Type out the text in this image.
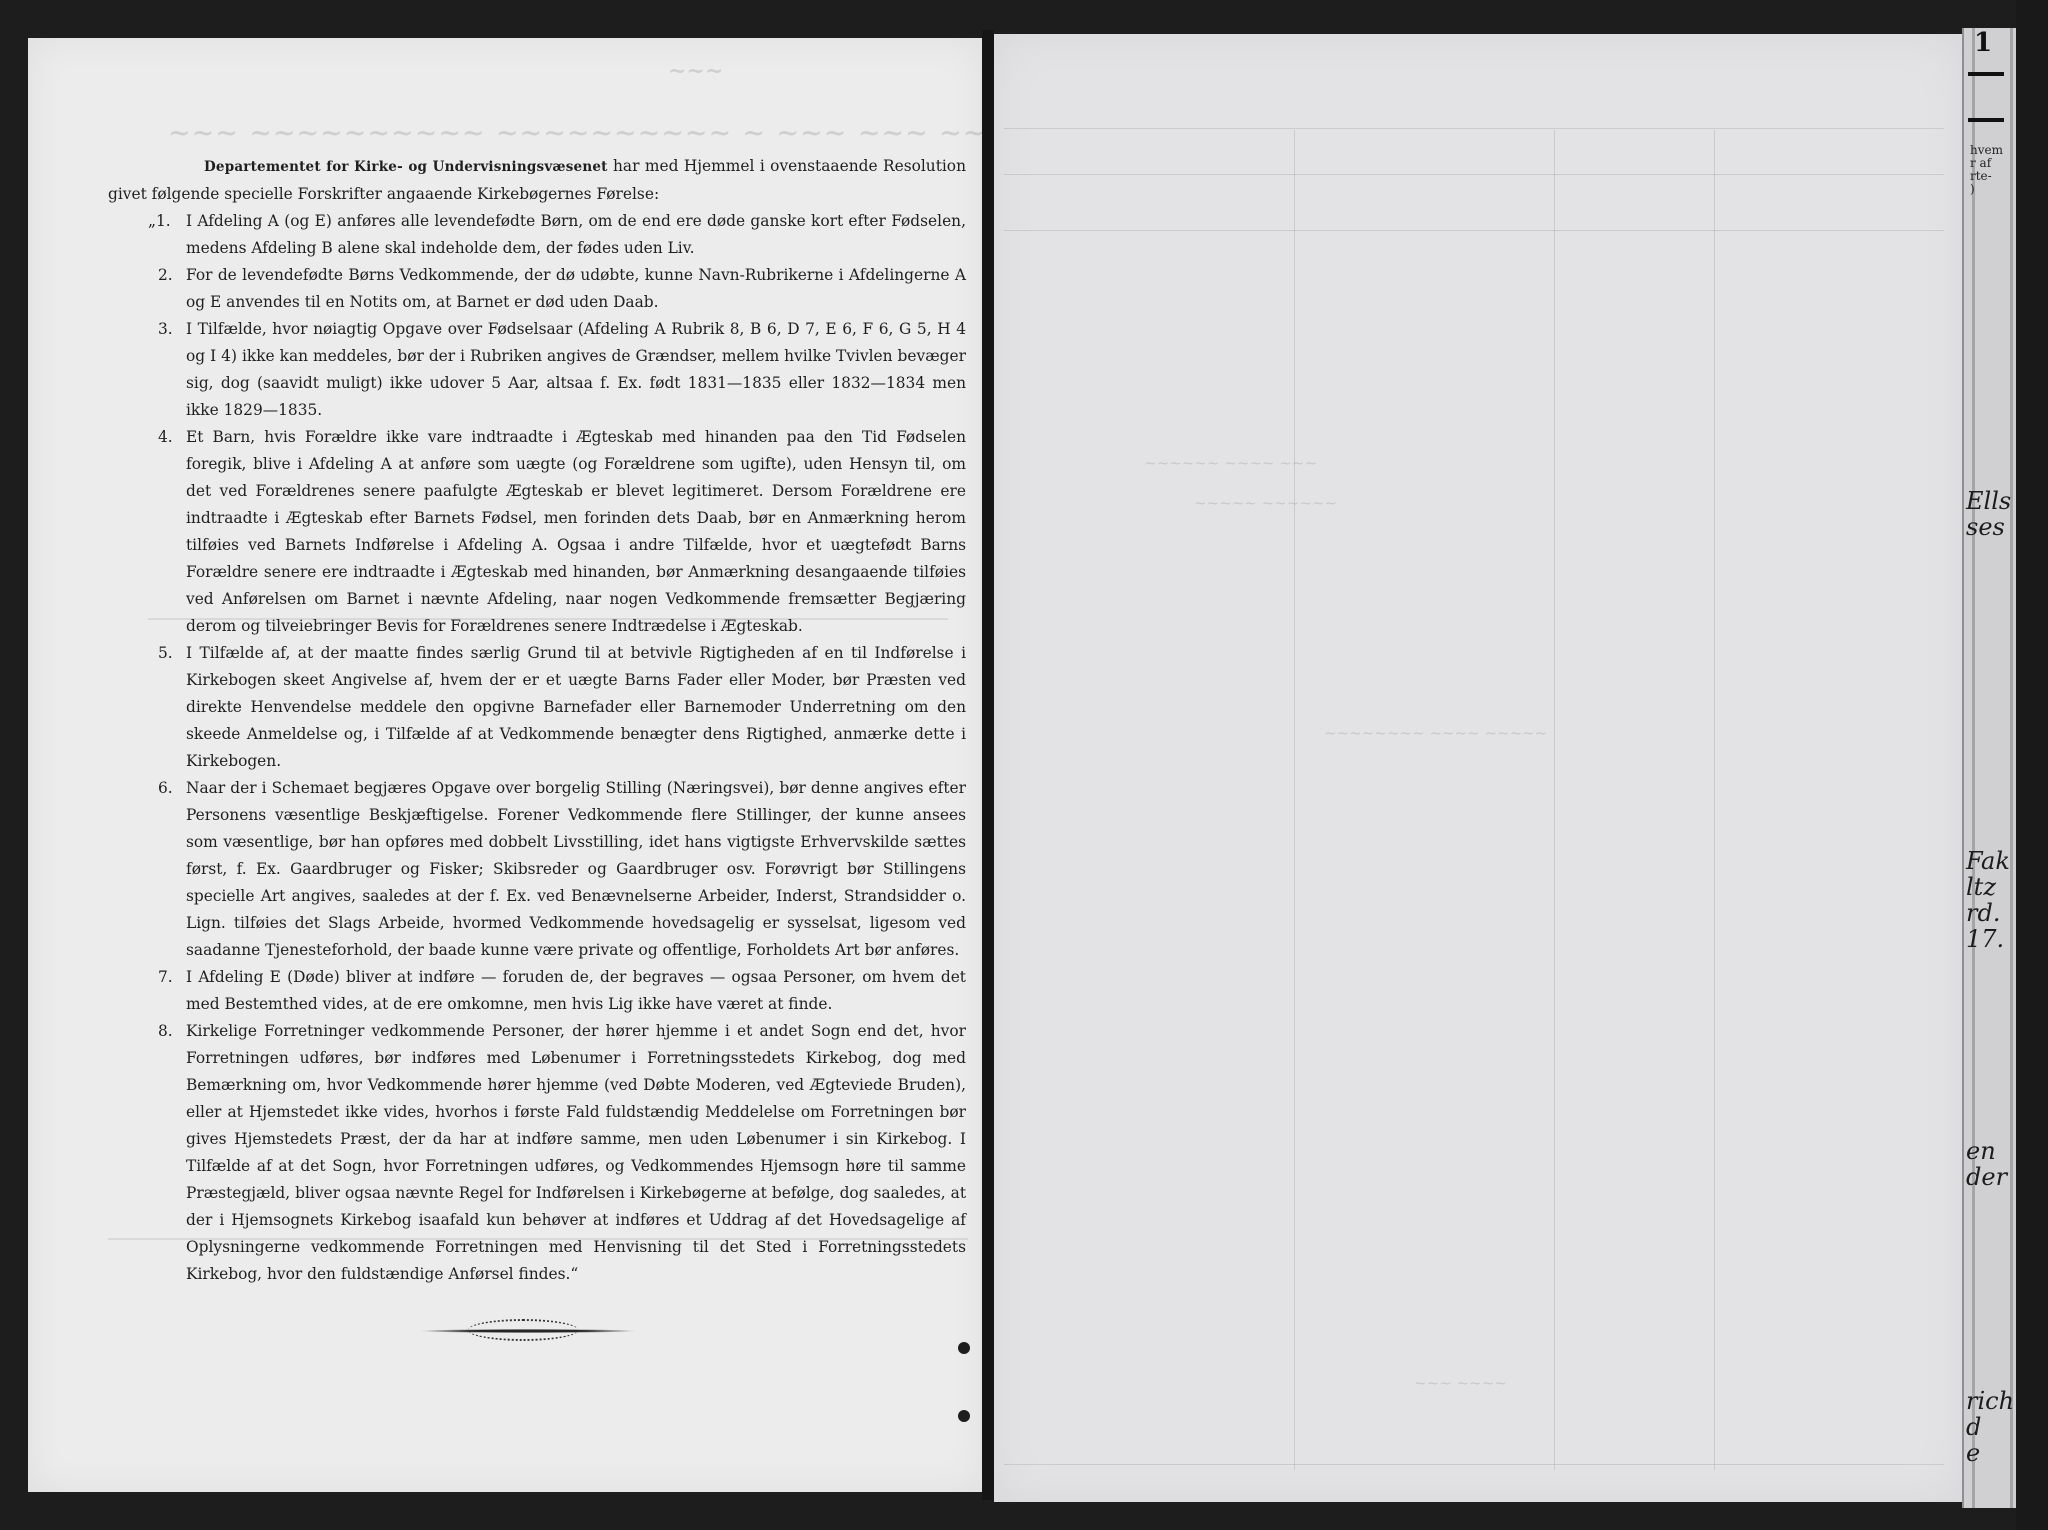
~~~
~~~ ~~~~~~~~~~ ~~~~~~~~~~ ~ ~~~ ~~~ ~~~~ ~~ ~~~ ~~~~~~~~ ~~~~~~~~

Departementet for Kirke- og Undervisningsvæsenet har med Hjemmel i ovenstaaende Resolution givet følgende specielle Forskrifter angaaende Kirkebøgernes Førelse:

„1. I Afdeling A (og E) anføres alle levendefødte Børn, om de end ere døde ganske kort efter Fødselen, medens Afdeling B alene skal indeholde dem, der fødes uden Liv.
2. For de levendefødte Børns Vedkommende, der dø udøbte, kunne Navn-Rubrikerne i Afdelingerne A og E anvendes til en Notits om, at Barnet er død uden Daab.
3. I Tilfælde, hvor nøiagtig Opgave over Fødselsaar (Afdeling A Rubrik 8, B 6, D 7, E 6, F 6, G 5, H 4 og I 4) ikke kan meddeles, bør der i Rubriken angives de Grændser, mellem hvilke Tvivlen bevæger sig, dog (saavidt muligt) ikke udover 5 Aar, altsaa f. Ex. født 1831—1835 eller 1832—1834 men ikke 1829—1835.
4. Et Barn, hvis Forældre ikke vare indtraadte i Ægteskab med hinanden paa den Tid Fødselen foregik, blive i Afdeling A at anføre som uægte (og Forældrene som ugifte), uden Hensyn til, om det ved Forældrenes senere paafulgte Ægteskab er blevet legitimeret. Dersom Forældrene ere indtraadte i Ægteskab efter Barnets Fødsel, men forinden dets Daab, bør en Anmærkning herom tilføies ved Barnets Indførelse i Afdeling A. Ogsaa i andre Tilfælde, hvor et uægtefødt Barns Forældre senere ere indtraadte i Ægteskab med hinanden, bør Anmærkning desangaaende tilføies ved Anførelsen om Barnet i nævnte Afdeling, naar nogen Vedkommende fremsætter Begjæring derom og tilveiebringer Bevis for Forældrenes senere Indtrædelse i Ægteskab.
5. I Tilfælde af, at der maatte findes særlig Grund til at betvivle Rigtigheden af en til Indførelse i Kirkebogen skeet Angivelse af, hvem der er et uægte Barns Fader eller Moder, bør Præsten ved direkte Henvendelse meddele den opgivne Barnefader eller Barnemoder Underretning om den skeede Anmeldelse og, i Tilfælde af at Vedkommende benægter dens Rigtighed, anmærke dette i Kirkebogen.
6. Naar der i Schemaet begjæres Opgave over borgelig Stilling (Næringsvei), bør denne angives efter Personens væsentlige Beskjæftigelse. Forener Vedkommende flere Stillinger, der kunne ansees som væsentlige, bør han opføres med dobbelt Livsstilling, idet hans vigtigste Erhvervskilde sættes først, f. Ex. Gaardbruger og Fisker; Skibsreder og Gaardbruger osv. Forøvrigt bør Stillingens specielle Art angives, saaledes at der f. Ex. ved Benævnelserne Arbeider, Inderst, Strandsidder o. Lign. tilføies det Slags Arbeide, hvormed Vedkommende hovedsagelig er sysselsat, ligesom ved saadanne Tjenesteforhold, der baade kunne være private og offentlige, Forholdets Art bør anføres.
7. I Afdeling E (Døde) bliver at indføre — foruden de, der begraves — ogsaa Personer, om hvem det med Bestemthed vides, at de ere omkomne, men hvis Lig ikke have været at finde.
8. Kirkelige Forretninger vedkommende Personer, der hører hjemme i et andet Sogn end det, hvor Forretningen udføres, bør indføres med Løbenumer i Forretningsstedets Kirkebog, dog med Bemærkning om, hvor Vedkommende hører hjemme (ved Døbte Moderen, ved Ægteviede Bruden), eller at Hjemstedet ikke vides, hvorhos i første Fald fuldstændig Meddelelse om Forretningen bør gives Hjemstedets Præst, der da har at indføre samme, men uden Løbenumer i sin Kirkebog. I Tilfælde af at det Sogn, hvor Forretningen udføres, og Vedkommendes Hjemsogn høre til samme Præstegjæld, bliver ogsaa nævnte Regel for Indførelsen i Kirkebøgerne at befølge, dog saaledes, at der i Hjemsognets Kirkebog isaafald kun behøver at indføres et Uddrag af det Hovedsagelige af Oplysningerne vedkommende Forretningen med Henvisning til det Sted i Forretningsstedets Kirkebog, hvor den fuldstændige Anførsel findes.“
~~~~~~ ~~~~ ~~~
~~~~~ ~~~~~~
~~~~~~~~ ~~~~ ~~~~~
~~~ ~~~~
1
hvem
r af
rte-
)
Ells
ses
Fak
ltz
rd.
17.
en
der
rich
d
e
